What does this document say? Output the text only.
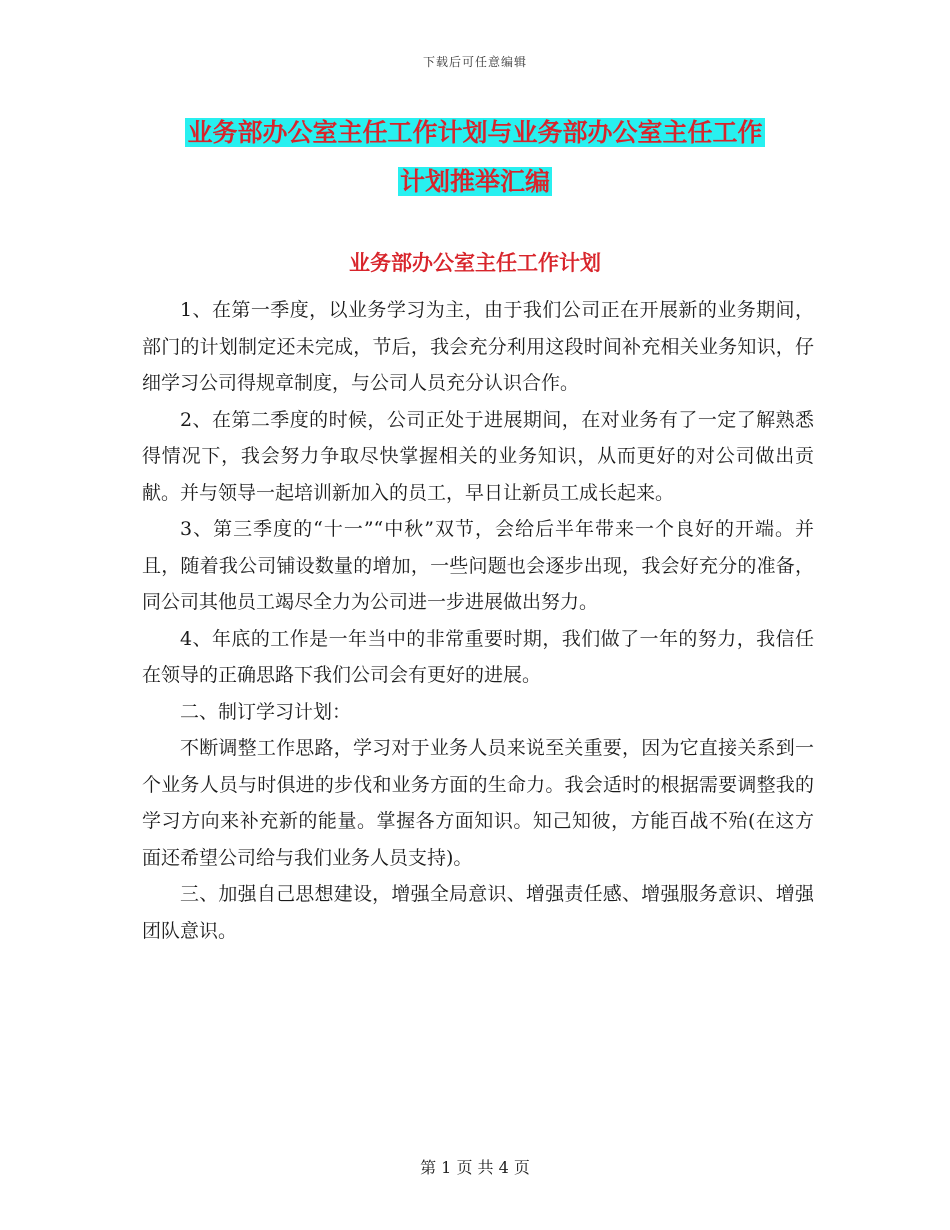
下载后可任意编辑
业务部办公室主任工作计划与业务部办公室主任工作
计划推举汇编
业务部办公室主任工作计划

1、在第一季度，以业务学习为主，由于我们公司正在开展新的业务期间，部门的计划制定还未完成，节后，我会充分利用这段时间补充相关业务知识，仔细学习公司得规章制度，与公司人员充分认识合作。

2、在第二季度的时候，公司正处于进展期间，在对业务有了一定了解熟悉得情况下，我会努力争取尽快掌握相关的业务知识，从而更好的对公司做出贡献。并与领导一起培训新加入的员工，早日让新员工成长起来。

3、第三季度的“十一”“中秋”双节，会给后半年带来一个良好的开端。并且，随着我公司铺设数量的增加，一些问题也会逐步出现，我会好充分的准备，同公司其他员工竭尽全力为公司进一步进展做出努力。

4、年底的工作是一年当中的非常重要时期，我们做了一年的努力，我信任在领导的正确思路下我们公司会有更好的进展。

二、制订学习计划：

不断调整工作思路，学习对于业务人员来说至关重要，因为它直接关系到一个业务人员与时俱进的步伐和业务方面的生命力。我会适时的根据需要调整我的学习方向来补充新的能量。掌握各方面知识。知己知彼，方能百战不殆(在这方面还希望公司给与我们业务人员支持)。

三、加强自己思想建设，增强全局意识、增强责任感、增强服务意识、增强团队意识。

第 1 页 共 4 页
